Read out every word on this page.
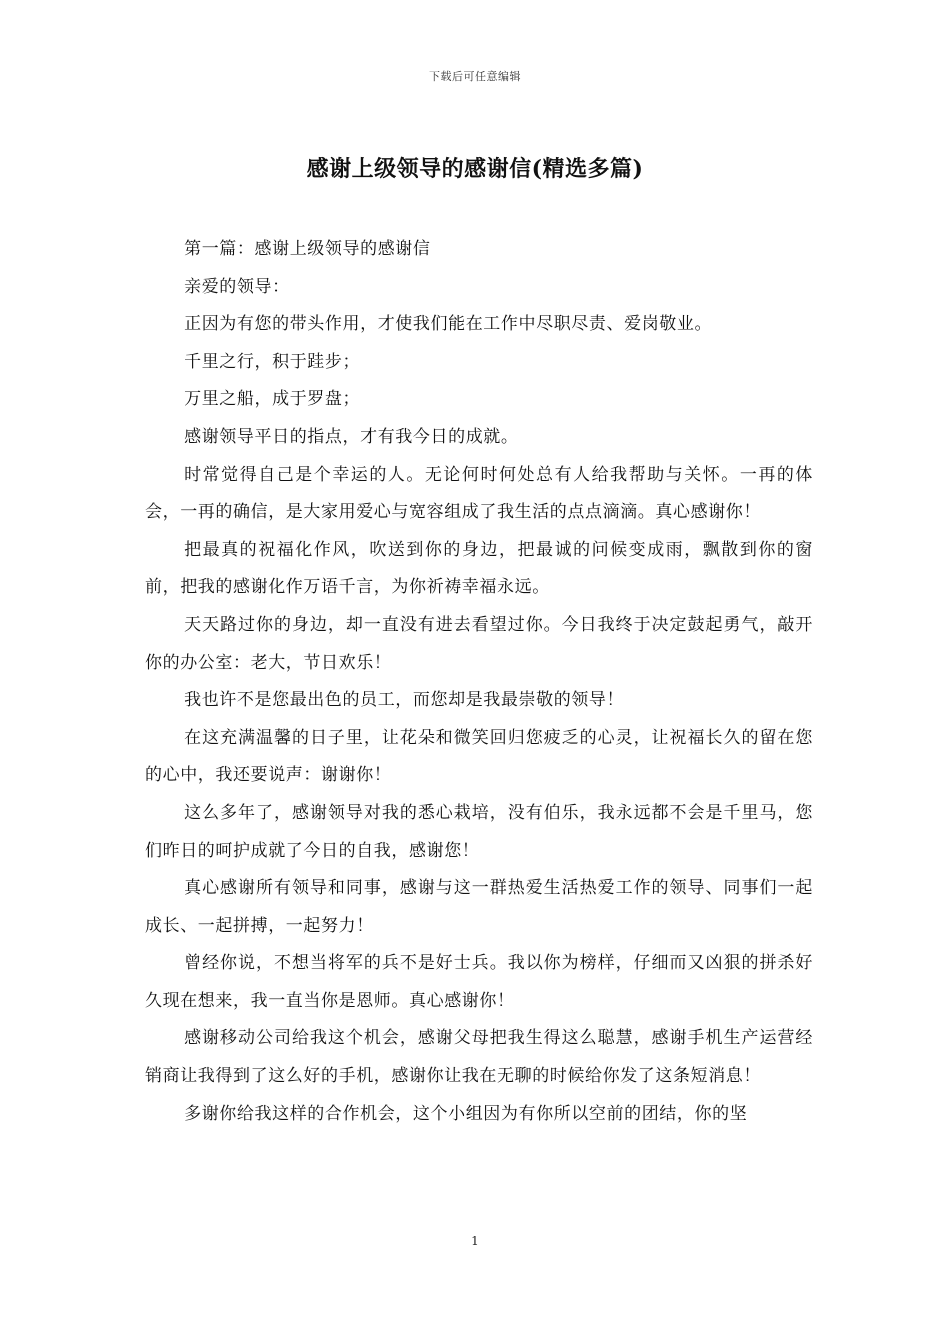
下载后可任意编辑
感谢上级领导的感谢信(精选多篇)

第一篇：感谢上级领导的感谢信

亲爱的领导：

正因为有您的带头作用，才使我们能在工作中尽职尽责、爱岗敬业。

千里之行，积于跬步；

万里之船，成于罗盘；

感谢领导平日的指点，才有我今日的成就。

时常觉得自己是个幸运的人。无论何时何处总有人给我帮助与关怀。一再的体会，一再的确信，是大家用爱心与宽容组成了我生活的点点滴滴。真心感谢你！

把最真的祝福化作风，吹送到你的身边，把最诚的问候变成雨，飘散到你的窗前，把我的感谢化作万语千言，为你祈祷幸福永远。

天天路过你的身边，却一直没有进去看望过你。今日我终于决定鼓起勇气，敲开你的办公室：老大，节日欢乐！

我也许不是您最出色的员工，而您却是我最崇敬的领导！

在这充满温馨的日子里，让花朵和微笑回归您疲乏的心灵，让祝福长久的留在您的心中，我还要说声：谢谢你！

这么多年了，感谢领导对我的悉心栽培，没有伯乐，我永远都不会是千里马，您们昨日的呵护成就了今日的自我，感谢您！

真心感谢所有领导和同事，感谢与这一群热爱生活热爱工作的领导、同事们一起成长、一起拼搏，一起努力！

曾经你说，不想当将军的兵不是好士兵。我以你为榜样，仔细而又凶狠的拼杀好久现在想来，我一直当你是恩师。真心感谢你！

感谢移动公司给我这个机会，感谢父母把我生得这么聪慧，感谢手机生产运营经销商让我得到了这么好的手机，感谢你让我在无聊的时候给你发了这条短消息！

多谢你给我这样的合作机会，这个小组因为有你所以空前的团结，你的坚

1
